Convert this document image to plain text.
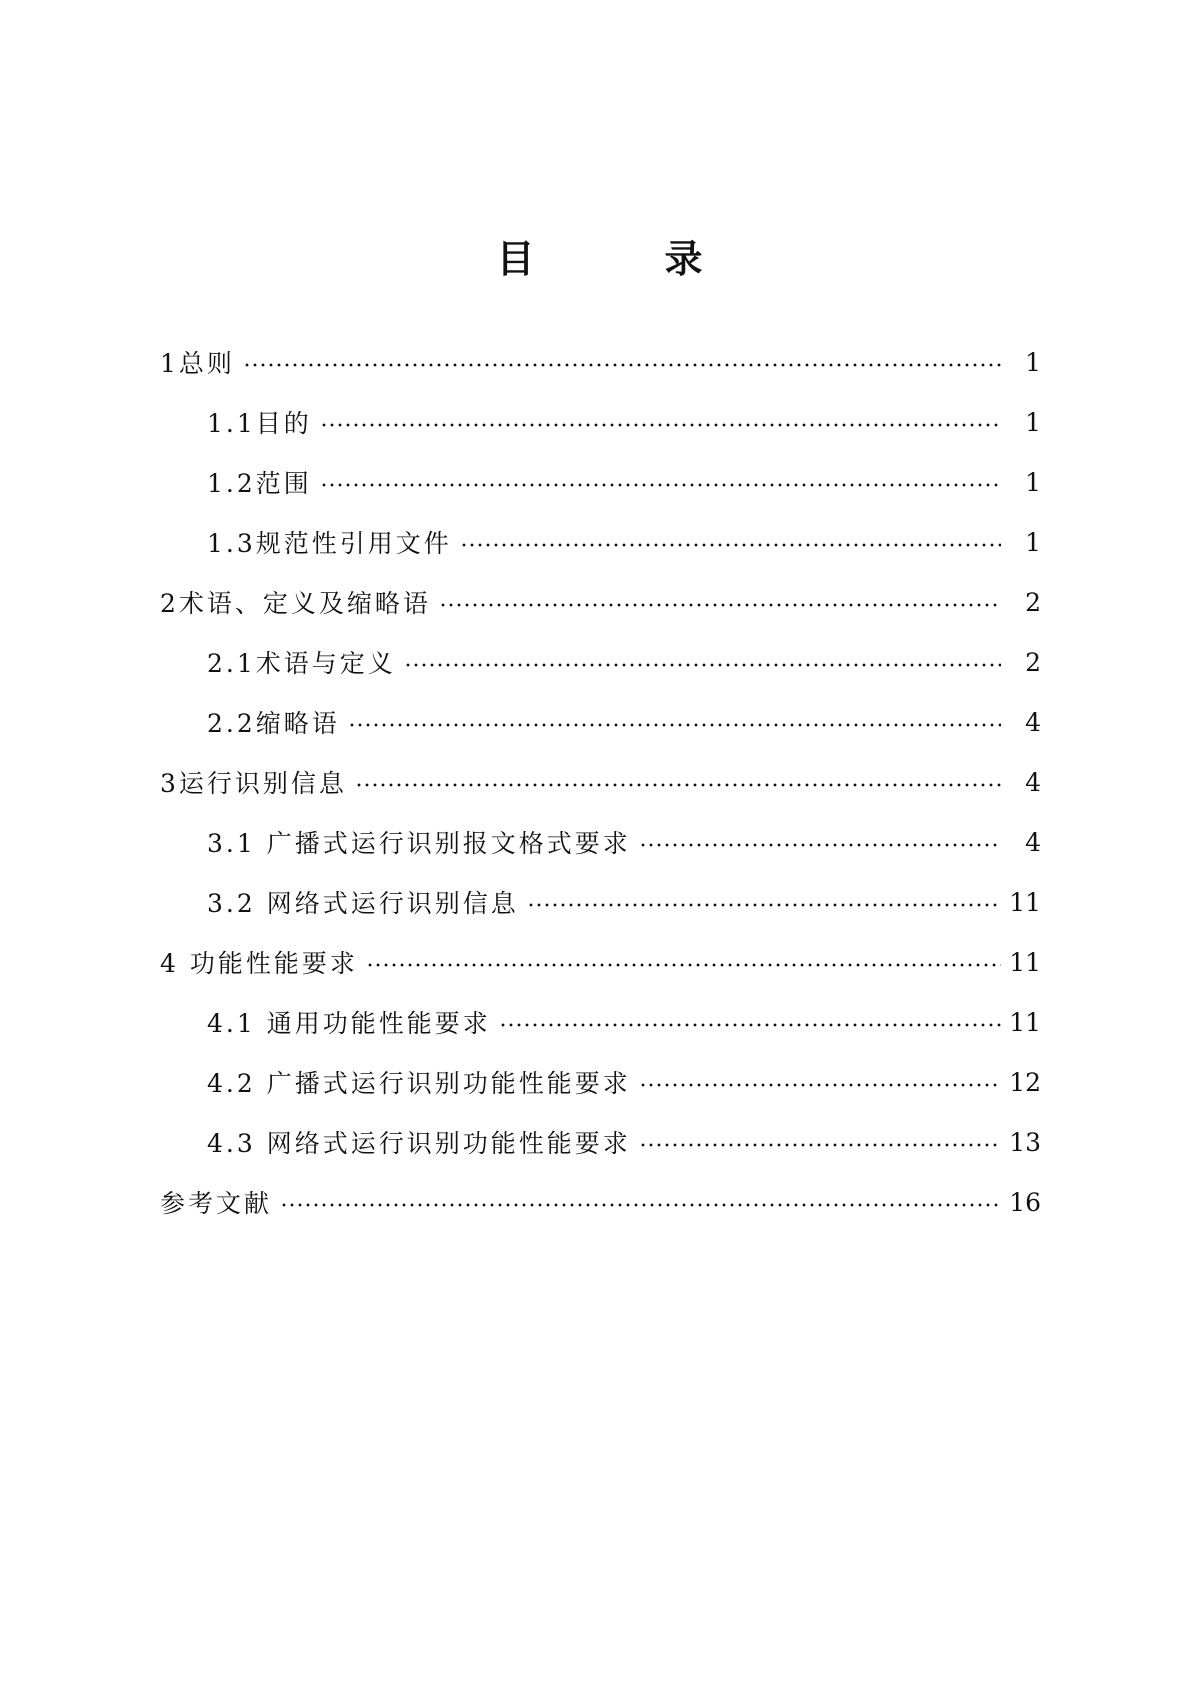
目	录
1总则	1
1.1目的	1
1.2范围	1
1.3规范性引用文件	1
2术语、定义及缩略语	2
2.1术语与定义	2
2.2缩略语	4
3运行识别信息	4
3.1 广播式运行识别报文格式要求	4
3.2 网络式运行识别信息	11
4 功能性能要求	11
4.1 通用功能性能要求	11
4.2 广播式运行识别功能性能要求	12
4.3 网络式运行识别功能性能要求	13
参考文献	16
